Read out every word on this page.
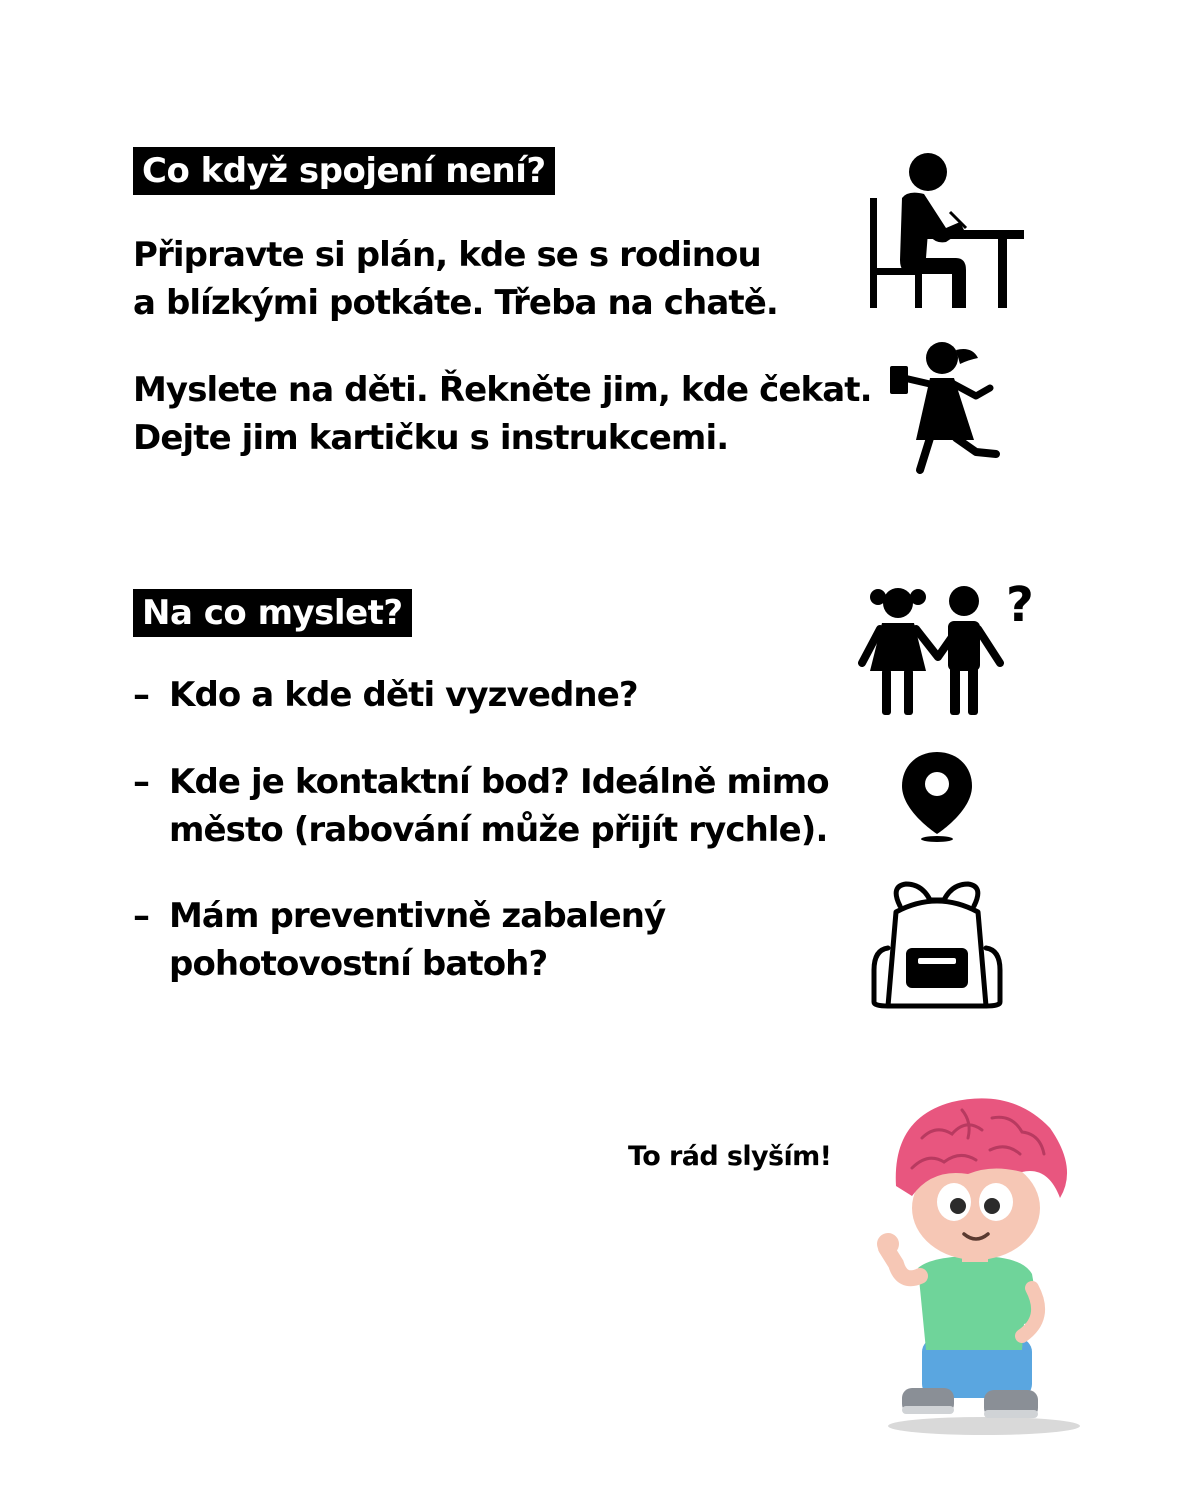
Co když spojení není?

Připravte si plán, kde se s rodinou
a blízkými potkáte. Třeba na chatě.

Myslete na děti. Řekněte jim, kde čekat.
Dejte jim kartičku s instrukcemi.

Na co myslet?
– Kdo a kde děti vyzvedne?
– Kde je kontaktní bod? Ideálně mimo
město (rabování může přijít rychle).
– Mám preventivně zabalený
pohotovostní batoh?
?
To rád slyším!
